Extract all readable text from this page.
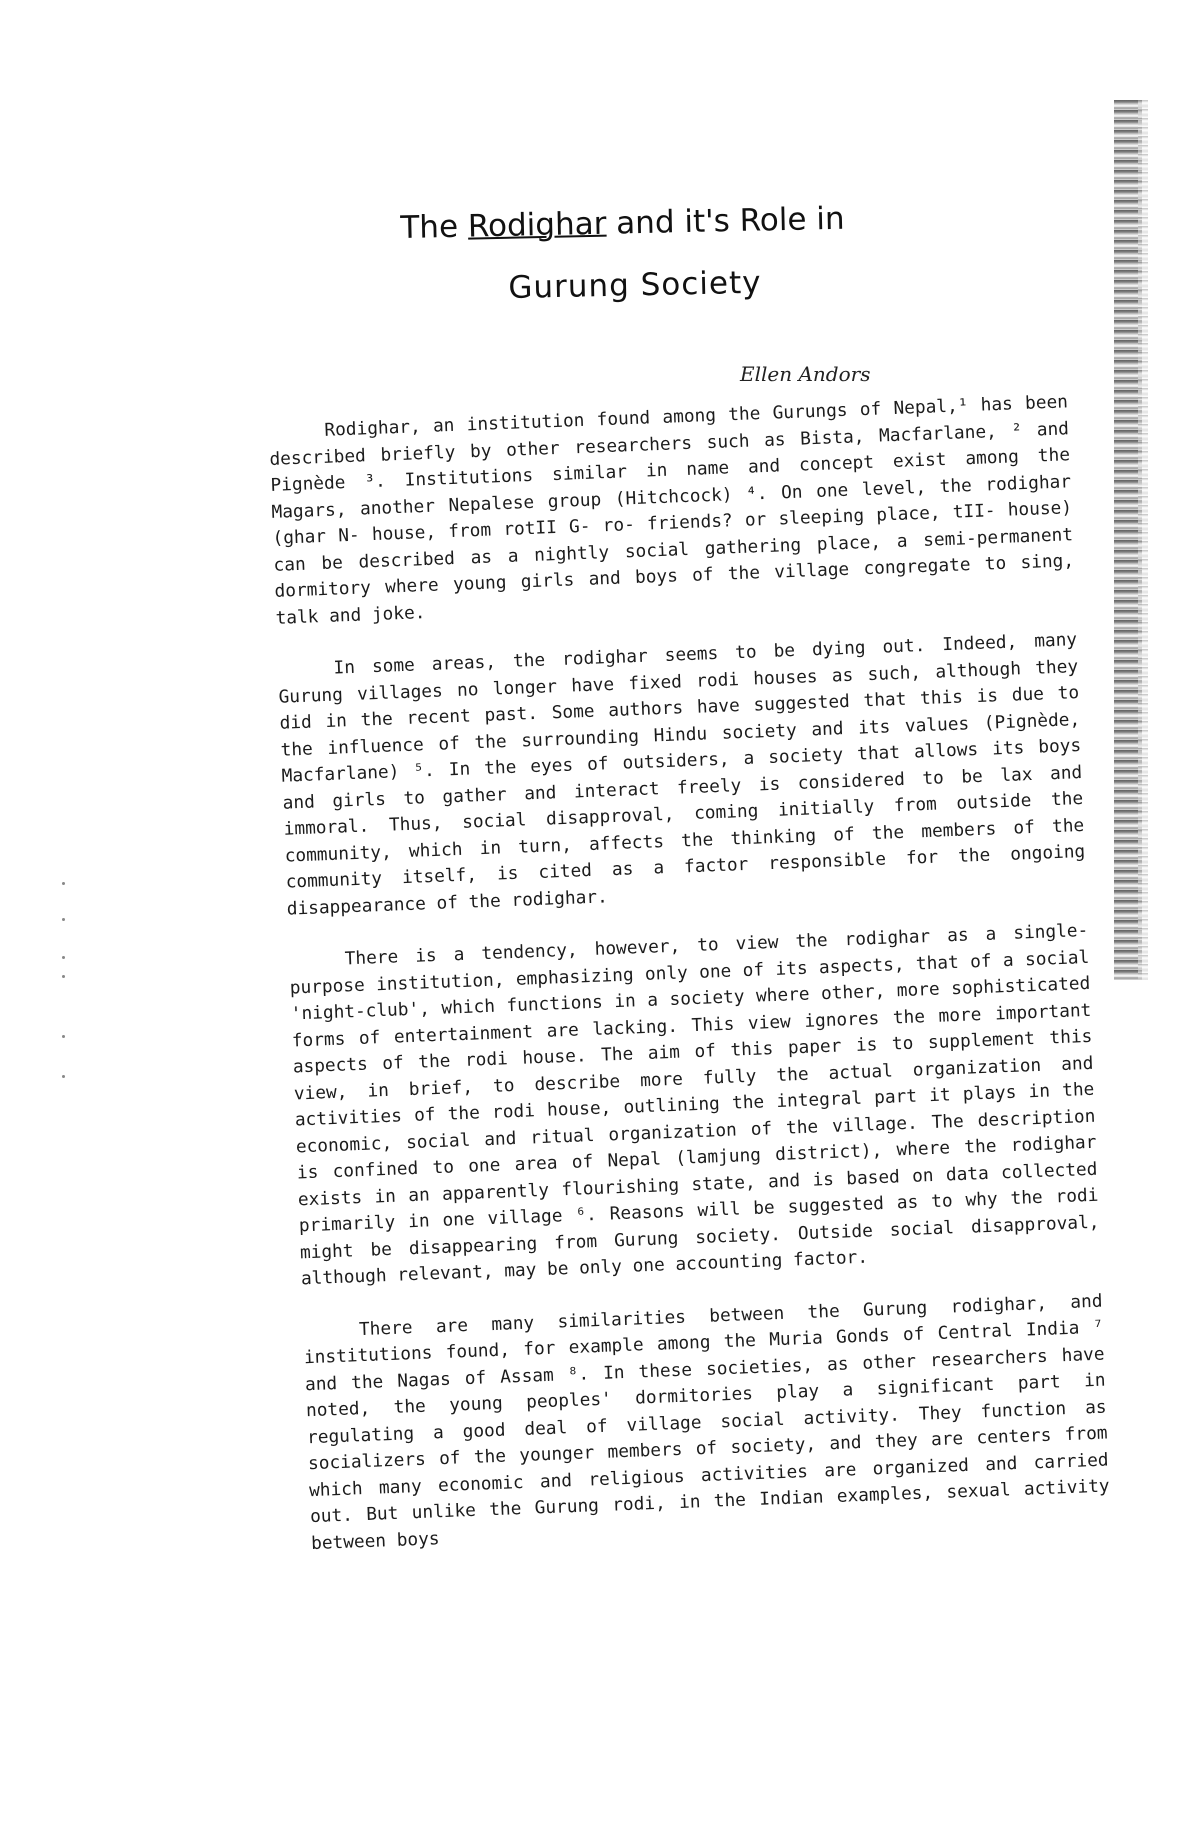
The Rodighar and it's Role in
Gurung Society
Ellen Andors

Rodighar, an institution found among the Gurungs of Nepal,¹ has been described briefly by other researchers such as Bista, Macfarlane, ² and Pignède ³. Institutions similar in name and concept exist among the Magars, another Nepalese group (Hitchcock) ⁴. On one level, the rodighar (ghar N- house, from rotII G- ro- friends? or sleeping place, tII- house) can be described as a nightly social gathering place, a semi-permanent dormitory where young girls and boys of the village congregate to sing, talk and joke.

In some areas, the rodighar seems to be dying out. Indeed, many Gurung villages no longer have fixed rodi houses as such, although they did in the recent past. Some authors have suggested that this is due to the influence of the surrounding Hindu society and its values (Pignède, Macfarlane) ⁵. In the eyes of outsiders, a society that allows its boys and girls to gather and interact freely is considered to be lax and immoral. Thus, social disapproval, coming initially from outside the community, which in turn, affects the thinking of the members of the community itself, is cited as a factor responsible for the ongoing disappearance of the rodighar.

There is a tendency, however, to view the rodighar as a single-purpose institution, emphasizing only one of its aspects, that of a social 'night-club', which functions in a society where other, more sophisticated forms of entertainment are lacking. This view ignores the more important aspects of the rodi house. The aim of this paper is to supplement this view, in brief, to describe more fully the actual organization and activities of the rodi house, outlining the integral part it plays in the economic, social and ritual organization of the village. The description is confined to one area of Nepal (lamjung district), where the rodighar exists in an apparently flourishing state, and is based on data collected primarily in one village ⁶. Reasons will be suggested as to why the rodi might be disappearing from Gurung society. Outside social disapproval, although relevant, may be only one accounting factor.

There are many similarities between the Gurung rodighar, and institutions found, for example among the Muria Gonds of Central India ⁷ and the Nagas of Assam ⁸. In these societies, as other researchers have noted, the young peoples' dormitories play a significant part in regulating a good deal of village social activity. They function as socializers of the younger members of society, and they are centers from which many economic and religious activities are organized and carried out. But unlike the Gurung rodi, in the Indian examples, sexual activity between boys
